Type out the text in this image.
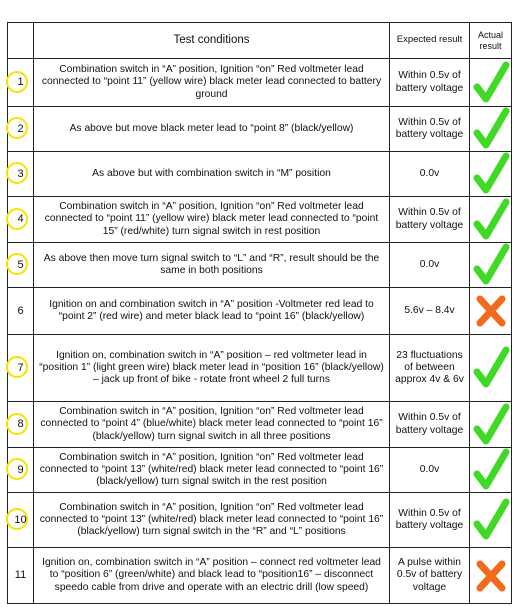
	Test conditions	Expected result	Actual result

1	Combination switch in “A” position, Ignition “on” Red voltmeter lead connected to “point 11” (yellow wire) black meter lead connected to battery ground	Within 0.5v of battery voltage	

2	As above but move black meter lead to “point 8” (black/yellow)	Within 0.5v of battery voltage	

3	As above but with combination switch in “M” position	0.0v	

4	Combination switch in “A” position, Ignition “on” Red voltmeter lead connected to “point 11” (yellow wire) black meter lead connected to “point 15” (red/white) turn signal switch in rest position	Within 0.5v of battery voltage	

5	As above then move turn signal switch to “L” and “R”, result should be the same in both positions	0.0v	

6	Ignition on and combination switch in “A” position -Voltmeter red lead to “point 2” (red wire) and meter black lead to “point 16” (black/yellow)	5.6v – 8.4v	

7	Ignition on, combination switch in “A” position – red voltmeter lead in “position 1” (light green wire) black meter lead in “position 16” (black/yellow) – jack up front of bike - rotate front wheel 2 full turns	23 fluctuations of between approx 4v & 6v	

8	Combination switch in “A” position, Ignition “on” Red voltmeter lead connected to “point 4” (blue/white) black meter lead connected to “point 16” (black/yellow) turn signal switch in all three positions	Within 0.5v of battery voltage	

9	Combination switch in “A” position, Ignition “on” Red voltmeter lead connected to “point 13” (white/red) black meter lead connected to “point 16” (black/yellow) turn signal switch in the rest position	0.0v	

10	Combination switch in “A” position, Ignition “on” Red voltmeter lead connected to “point 13” (white/red) black meter lead connected to “point 16” (black/yellow) turn signal switch in the “R” and “L” positions	Within 0.5v of battery voltage	

11	Ignition on, combination switch in “A” position – connect red voltmeter lead to “position 6” (green/white) and black lead to “position16” – disconnect speedo cable from drive and operate with an electric drill (low speed)	A pulse within 0.5v of battery voltage	
